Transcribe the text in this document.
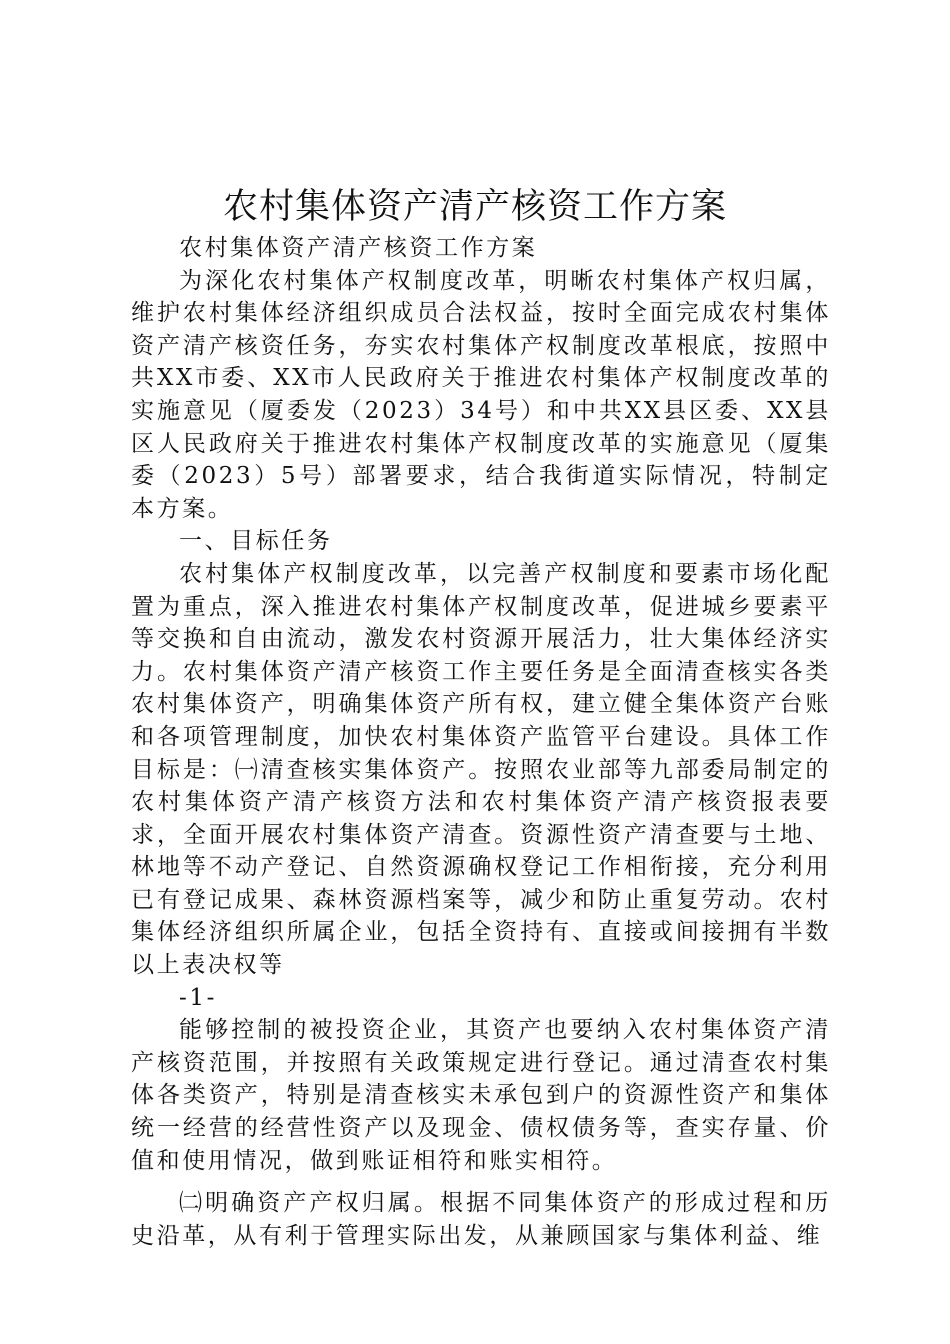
农村集体资产清产核资工作方案

农村集体资产清产核资工作方案

为深化农村集体产权制度改革，明晰农村集体产权归属，维护农村集体经济组织成员合法权益，按时全面完成农村集体资产清产核资任务，夯实农村集体产权制度改革根底，按照中共XX市委、XX市人民政府关于推进农村集体产权制度改革的实施意见（厦委发（2023）34号）和中共XX县区委、XX县区人民政府关于推进农村集体产权制度改革的实施意见（厦集委（2023）5号）部署要求，结合我街道实际情况，特制定本方案。

一、目标任务

农村集体产权制度改革，以完善产权制度和要素市场化配置为重点，深入推进农村集体产权制度改革，促进城乡要素平等交换和自由流动，激发农村资源开展活力，壮大集体经济实力。农村集体资产清产核资工作主要任务是全面清查核实各类农村集体资产，明确集体资产所有权，建立健全集体资产台账和各项管理制度，加快农村集体资产监管平台建设。具体工作目标是：㈠清查核实集体资产。按照农业部等九部委局制定的农村集体资产清产核资方法和农村集体资产清产核资报表要求，全面开展农村集体资产清查。资源性资产清查要与土地、林地等不动产登记、自然资源确权登记工作相衔接，充分利用已有登记成果、森林资源档案等，减少和防止重复劳动。农村集体经济组织所属企业，包括全资持有、直接或间接拥有半数以上表决权等

-1-

能够控制的被投资企业，其资产也要纳入农村集体资产清产核资范围，并按照有关政策规定进行登记。通过清查农村集体各类资产，特别是清查核实未承包到户的资源性资产和集体统一经营的经营性资产以及现金、债权债务等，查实存量、价值和使用情况，做到账证相符和账实相符。

㈡明确资产产权归属。根据不同集体资产的形成过程和历史沿革，从有利于管理实际出发，从兼顾国家与集体利益、维
